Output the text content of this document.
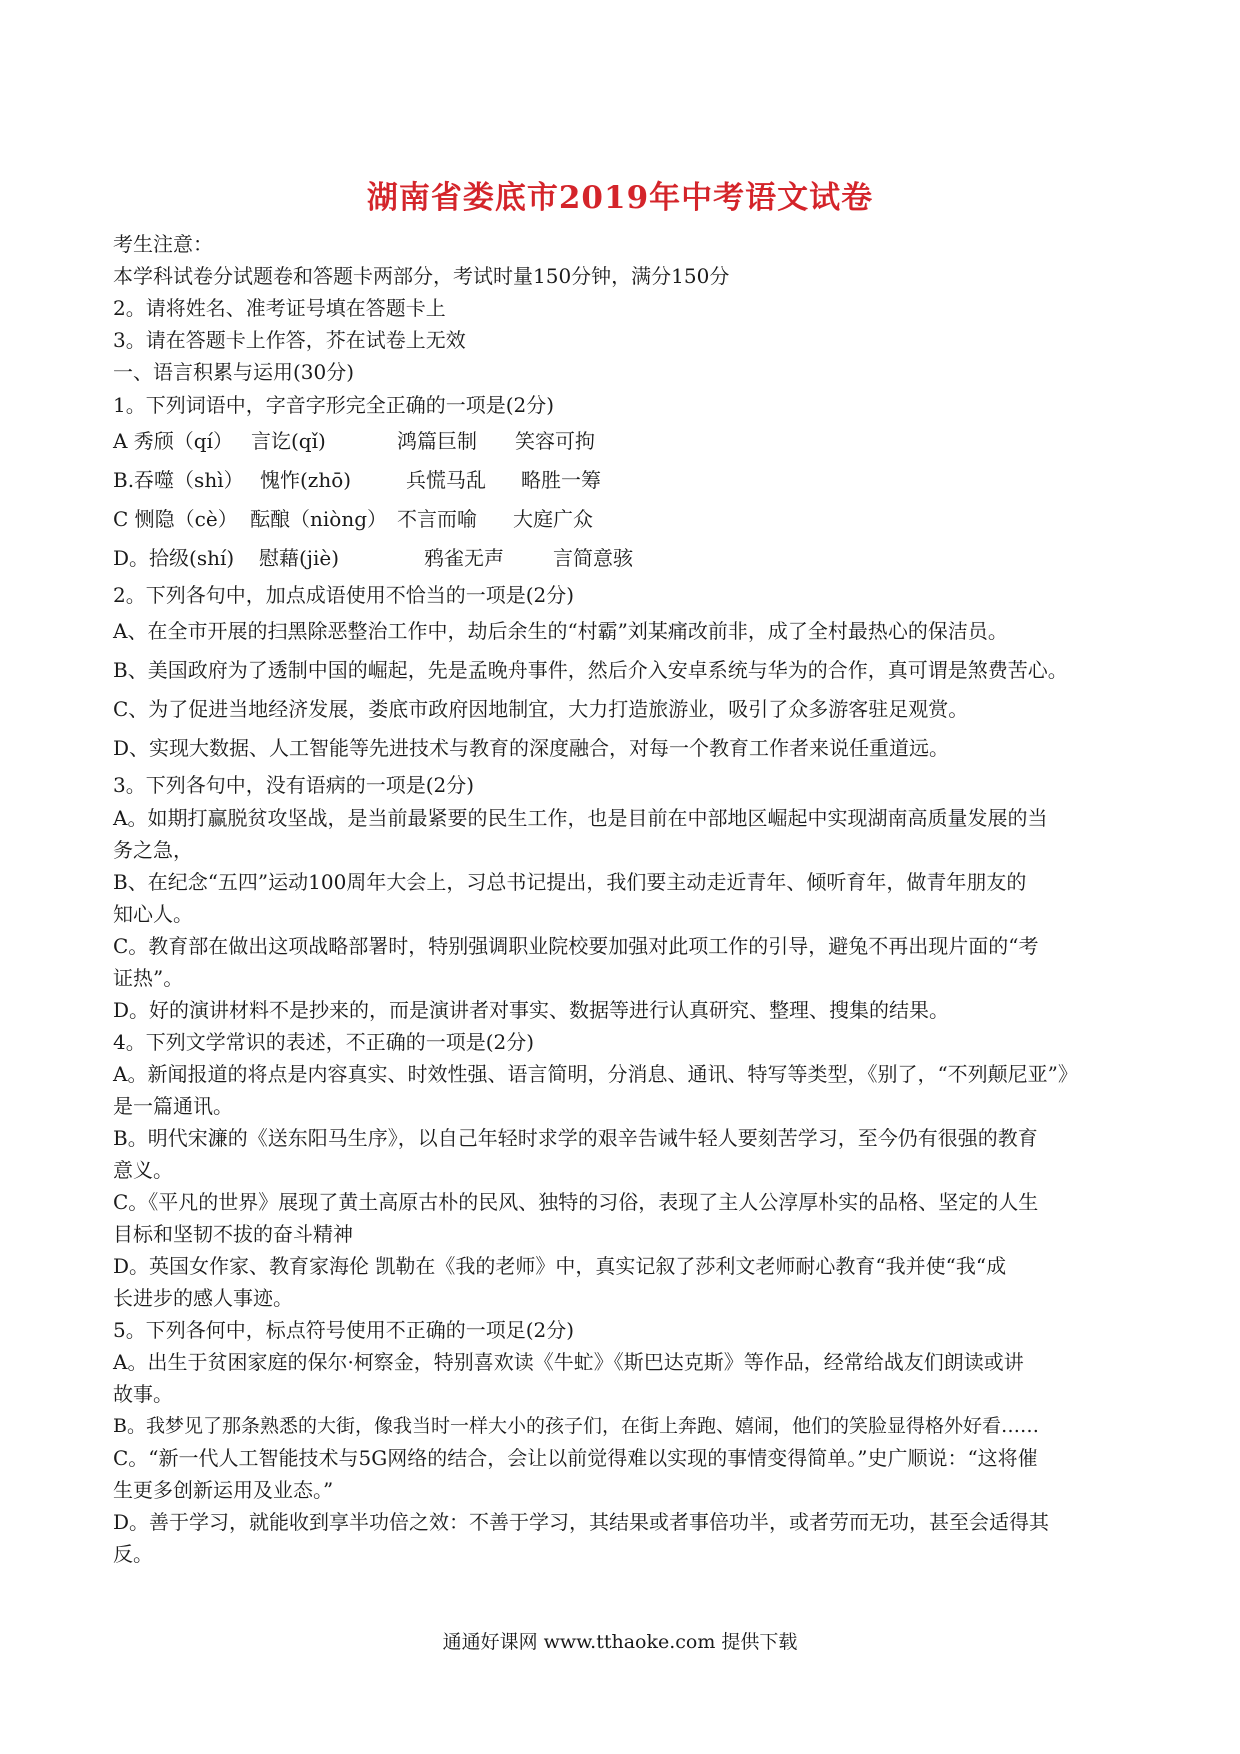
湖南省娄底市2019年中考语文试卷

考生注意：

本学科试卷分试题卷和答题卡两部分，考试时量150分钟，满分150分

2。请将姓名、准考证号填在答题卡上

3。请在答题卡上作答，芥在试卷上无效

一、语言积累与运用(30分)

1。下列词语中，字音字形完全正确的一项是(2分)

A 秀颀（qí） 言讫(qǐ)	鸿篇巨制 笑容可拘
B.吞噬（shì） 愧怍(zhō)	兵慌马乱 略胜一筹
C 恻隐（cè） 酝酿（niòng） 不言而喻 大庭广众
D。拾级(shí) 慰藉(jiè)	鸦雀无声 言简意骇

2。下列各句中，加点成语使用不恰当的一项是(2分)

A、在全市开展的扫黑除恶整治工作中，劫后余生的“村霸”刘某痛改前非，成了全村最热心的保洁员。

B、美国政府为了透制中国的崛起，先是孟晚舟事件，然后介入安卓系统与华为的合作，真可谓是煞费苦心。

C、为了促进当地经济发展，娄底市政府因地制宜，大力打造旅游业，吸引了众多游客驻足观赏。

D、实现大数据、人工智能等先进技术与教育的深度融合，对每一个教育工作者来说任重道远。

3。下列各句中，没有语病的一项是(2分)

A。如期打赢脱贫攻坚战，是当前最紧要的民生工作，也是目前在中部地区崛起中实现湖南高质量发展的当

务之急，

B、在纪念“五四”运动100周年大会上，习总书记提出，我们要主动走近青年、倾听育年，做青年朋友的

知心人。

C。教育部在做出这项战略部署时，特别强调职业院校要加强对此项工作的引导，避兔不再出现片面的“考

证热”。

D。好的演讲材料不是抄来的，而是演讲者对事实、数据等进行认真研究、整理、搜集的结果。

4。下列文学常识的表述，不正确的一项是(2分)

A。新闻报道的将点是内容真实、时效性强、语言简明，分消息、通讯、特写等类型，《别了，“不列颠尼亚”》

是一篇通讯。

B。明代宋濂的《送东阳马生序》，以自己年轻时求学的艰辛告诫牛轻人要刻苦学习，至今仍有很强的教育

意义。

C。《平凡的世界》展现了黄土高原古朴的民风、独特的习俗，表现了主人公淳厚朴实的品格、坚定的人生

目标和坚韧不拔的奋斗精神

D。英国女作家、教育家海伦 凯勒在《我的老师》中，真实记叙了莎利文老师耐心教育“我并使“我“成

长进步的感人事迹。

5。下列各何中，标点符号使用不正确的一项足(2分)

A。出生于贫困家庭的保尔·柯察金，特别喜欢读《牛虻》《斯巴达克斯》等作品，经常给战友们朗读或讲

故事。

B。我梦见了那条熟悉的大街，像我当时一样大小的孩子们，在街上奔跑、嬉闹，他们的笑脸显得格外好看……

C。“新一代人工智能技术与5G网络的结合，会让以前觉得难以实现的事情变得简单。”史广顺说：“这将催

生更多创新运用及业态。”

D。善于学习，就能收到享半功倍之效：不善于学习，其结果或者事倍功半，或者劳而无功，甚至会适得其

反。

通通好课网 www.tthaoke.com 提供下载
